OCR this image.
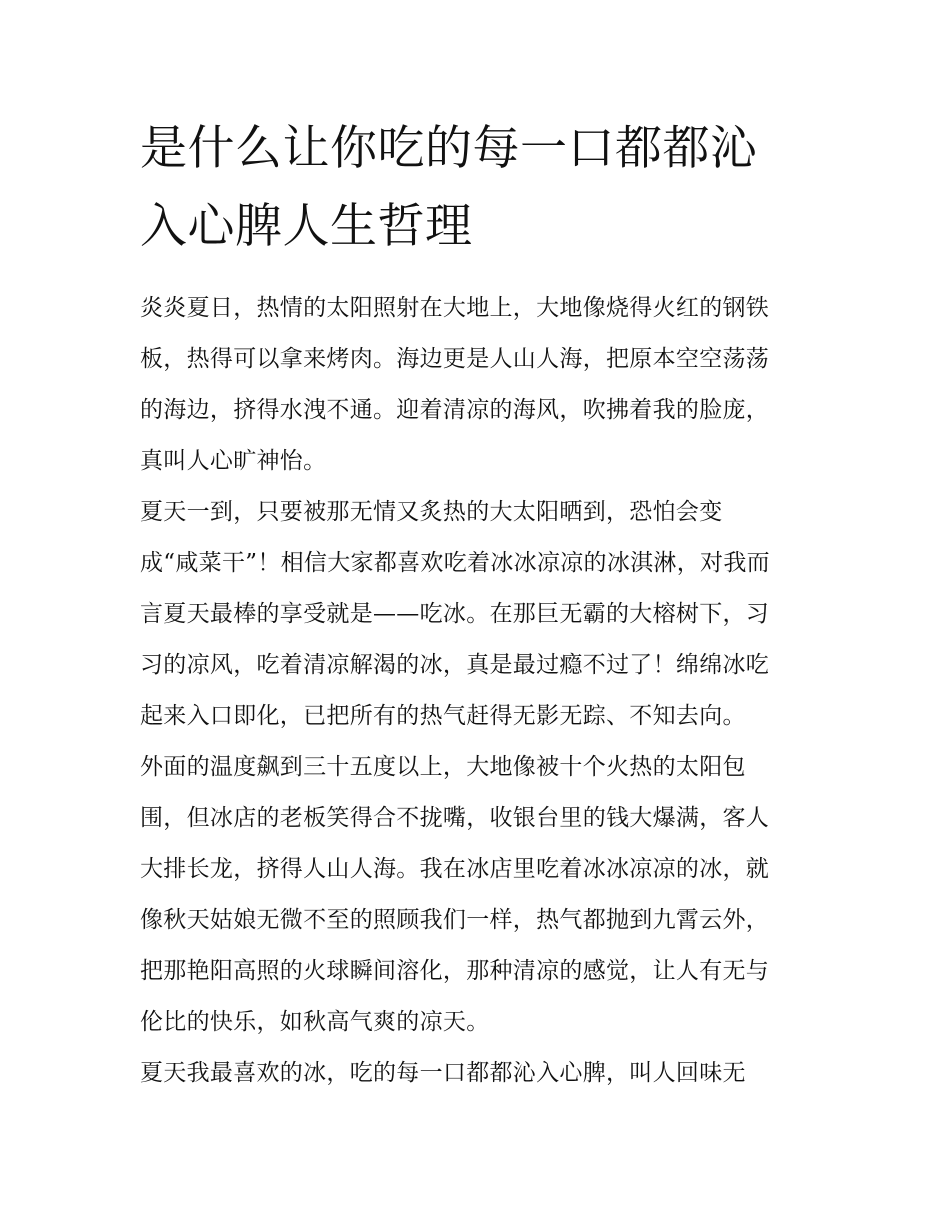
是什么让你吃的每一口都都沁
入心脾人生哲理

炎炎夏日，热情的太阳照射在大地上，大地像烧得火红的钢铁
板，热得可以拿来烤肉。海边更是人山人海，把原本空空荡荡
的海边，挤得水洩不通。迎着清凉的海风，吹拂着我的脸庞，
真叫人心旷神怡。

夏天一到，只要被那无情又炙热的大太阳晒到，恐怕会变
成“咸菜干”！相信大家都喜欢吃着冰冰凉凉的冰淇淋，对我而
言夏天最棒的享受就是——吃冰。在那巨无霸的大榕树下，习
习的凉风，吃着清凉解渴的冰，真是最过瘾不过了！绵绵冰吃
起来入口即化，已把所有的热气赶得无影无踪、不知去向。

外面的温度飙到三十五度以上，大地像被十个火热的太阳包
围，但冰店的老板笑得合不拢嘴，收银台里的钱大爆满，客人
大排长龙，挤得人山人海。我在冰店里吃着冰冰凉凉的冰，就
像秋天姑娘无微不至的照顾我们一样，热气都抛到九霄云外，
把那艳阳高照的火球瞬间溶化，那种清凉的感觉，让人有无与
伦比的快乐，如秋高气爽的凉天。

夏天我最喜欢的冰，吃的每一口都都沁入心脾，叫人回味无
